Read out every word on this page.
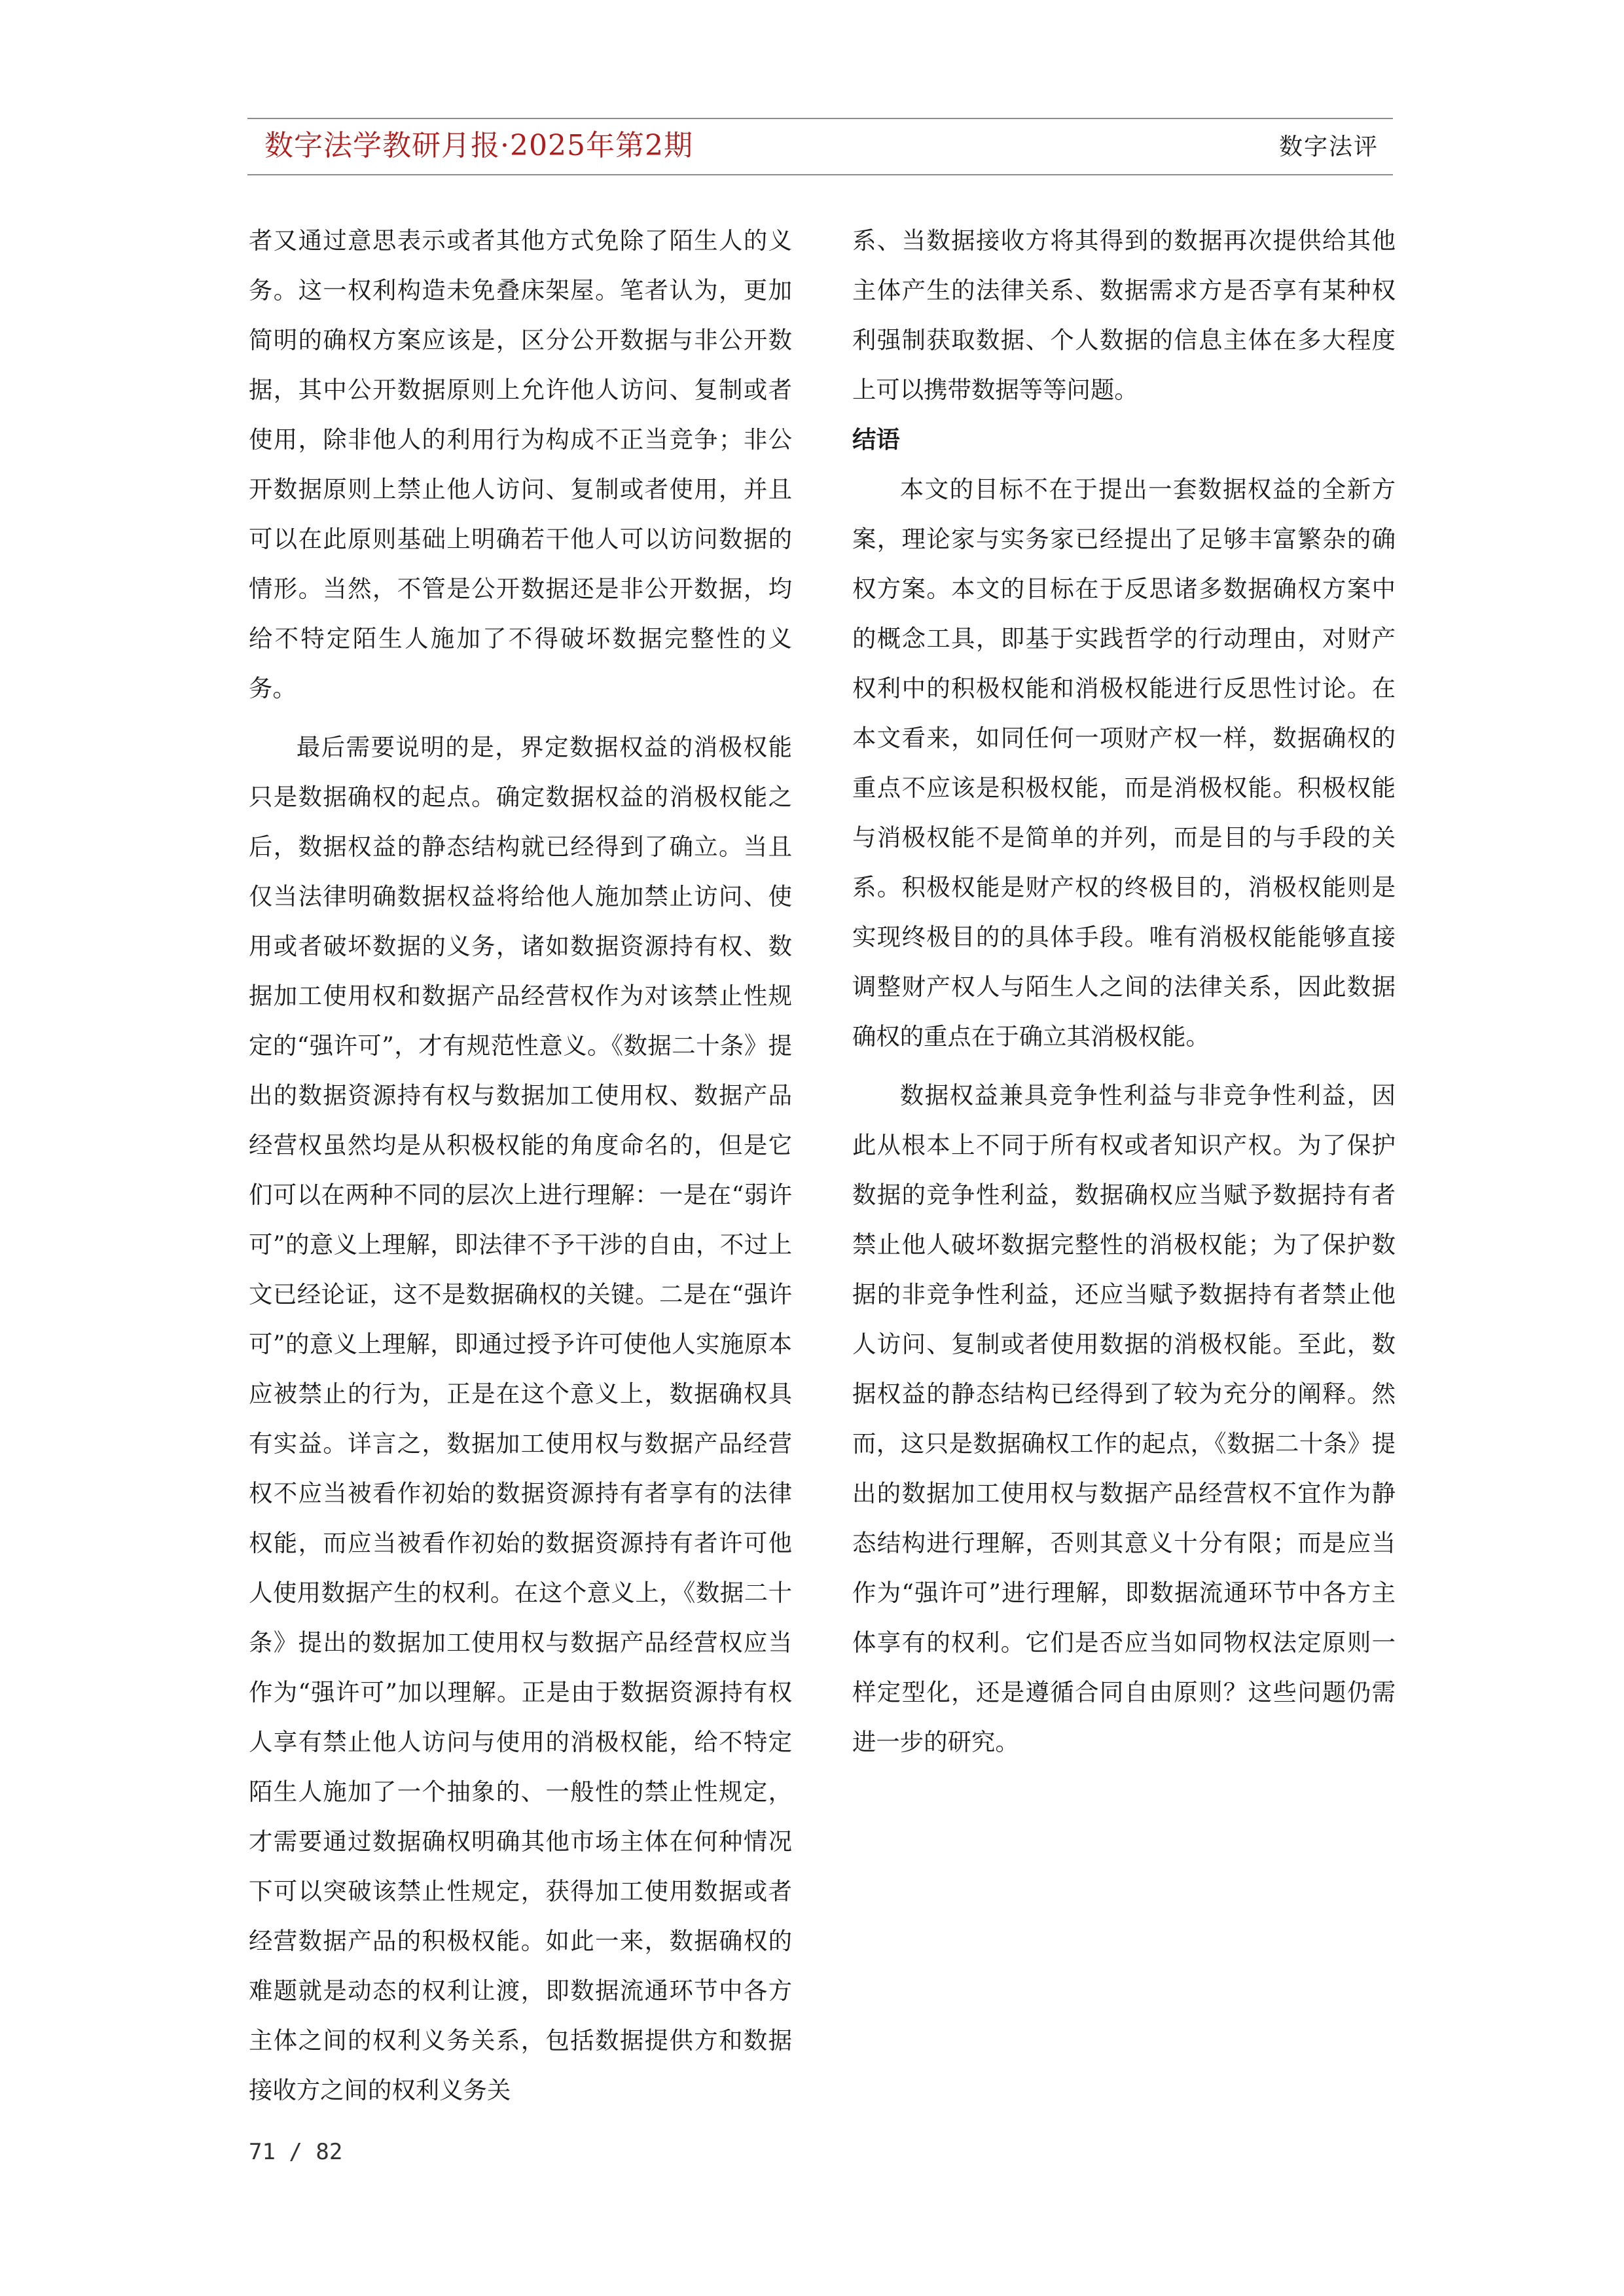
数字法学教研月报·2025年第2期	数字法评

者又通过意思表示或者其他方式免除了陌生人的义务。这一权利构造未免叠床架屋。笔者认为，更加简明的确权方案应该是，区分公开数据与非公开数据，其中公开数据原则上允许他人访问、复制或者使用，除非他人的利用行为构成不正当竞争；非公开数据原则上禁止他人访问、复制或者使用，并且可以在此原则基础上明确若干他人可以访问数据的情形。当然，不管是公开数据还是非公开数据，均给不特定陌生人施加了不得破坏数据完整性的义务。

最后需要说明的是，界定数据权益的消极权能只是数据确权的起点。确定数据权益的消极权能之后，数据权益的静态结构就已经得到了确立。当且仅当法律明确数据权益将给他人施加禁止访问、使用或者破坏数据的义务，诸如数据资源持有权、数据加工使用权和数据产品经营权作为对该禁止性规定的“强许可”，才有规范性意义。《数据二十条》提出的数据资源持有权与数据加工使用权、数据产品经营权虽然均是从积极权能的角度命名的，但是它们可以在两种不同的层次上进行理解：一是在“弱许可”的意义上理解，即法律不予干涉的自由，不过上文已经论证，这不是数据确权的关键。二是在“强许可”的意义上理解，即通过授予许可使他人实施原本应被禁止的行为，正是在这个意义上，数据确权具有实益。详言之，数据加工使用权与数据产品经营权不应当被看作初始的数据资源持有者享有的法律权能，而应当被看作初始的数据资源持有者许可他人使用数据产生的权利。在这个意义上，《数据二十条》提出的数据加工使用权与数据产品经营权应当作为“强许可”加以理解。正是由于数据资源持有权人享有禁止他人访问与使用的消极权能，给不特定陌生人施加了一个抽象的、一般性的禁止性规定，才需要通过数据确权明确其他市场主体在何种情况下可以突破该禁止性规定，获得加工使用数据或者经营数据产品的积极权能。如此一来，数据确权的难题就是动态的权利让渡，即数据流通环节中各方主体之间的权利义务关系，包括数据提供方和数据接收方之间的权利义务关

系、当数据接收方将其得到的数据再次提供给其他主体产生的法律关系、数据需求方是否享有某种权利强制获取数据、个人数据的信息主体在多大程度上可以携带数据等等问题。

结语

本文的目标不在于提出一套数据权益的全新方案，理论家与实务家已经提出了足够丰富繁杂的确权方案。本文的目标在于反思诸多数据确权方案中的概念工具，即基于实践哲学的行动理由，对财产权利中的积极权能和消极权能进行反思性讨论。在本文看来，如同任何一项财产权一样，数据确权的重点不应该是积极权能，而是消极权能。积极权能与消极权能不是简单的并列，而是目的与手段的关系。积极权能是财产权的终极目的，消极权能则是实现终极目的的具体手段。唯有消极权能能够直接调整财产权人与陌生人之间的法律关系，因此数据确权的重点在于确立其消极权能。

数据权益兼具竞争性利益与非竞争性利益，因此从根本上不同于所有权或者知识产权。为了保护数据的竞争性利益，数据确权应当赋予数据持有者禁止他人破坏数据完整性的消极权能；为了保护数据的非竞争性利益，还应当赋予数据持有者禁止他人访问、复制或者使用数据的消极权能。至此，数据权益的静态结构已经得到了较为充分的阐释。然而，这只是数据确权工作的起点，《数据二十条》提出的数据加工使用权与数据产品经营权不宜作为静态结构进行理解，否则其意义十分有限；而是应当作为“强许可”进行理解，即数据流通环节中各方主体享有的权利。它们是否应当如同物权法定原则一样定型化，还是遵循合同自由原则？这些问题仍需进一步的研究。

71 / 82
